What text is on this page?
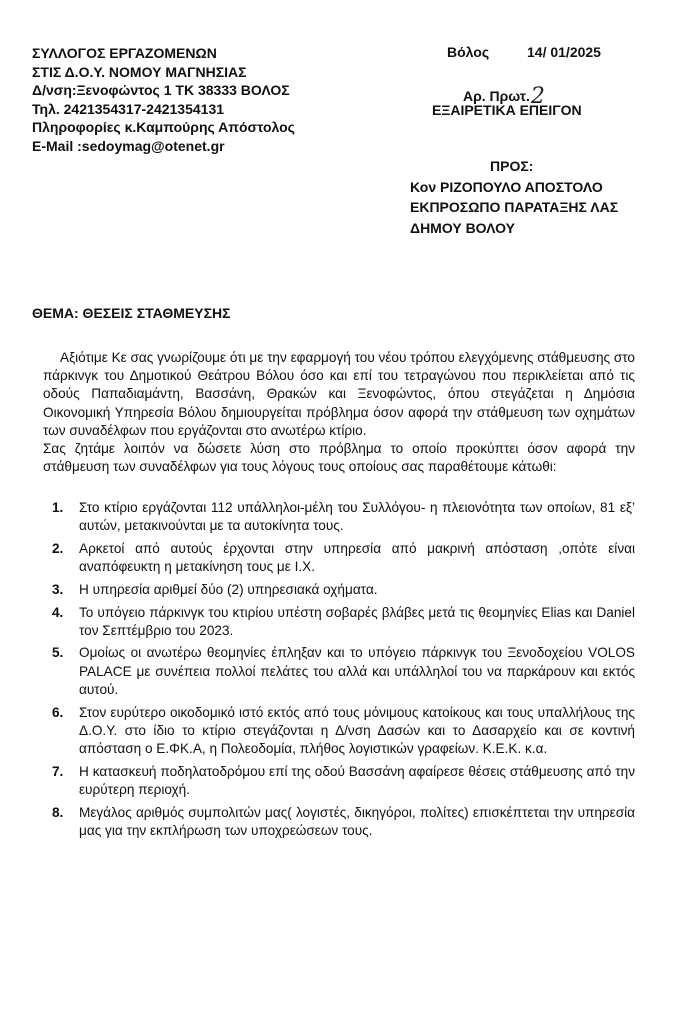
ΣΥΛΛΟΓΟΣ ΕΡΓΑΖΟΜΕΝΩΝ
ΣΤΙΣ Δ.Ο.Υ. ΝΟΜΟΥ ΜΑΓΝΗΣΙΑΣ
Δ/νση:Ξενοφώντος 1 ΤΚ 38333 ΒΟΛΟΣ
Τηλ. 2421354317-2421354131
Πληροφορίες κ.Καμπούρης Απόστολος
E-Mail :sedoymag@otenet.gr
Βόλος	14/ 01/2025
Αρ. Πρωτ.2
ΕΞΑΙΡΕΤΙΚΑ ΕΠΕΙΓΟΝ
ΠΡΟΣ:
Κον ΡΙΖΟΠΟΥΛΟ ΑΠΟΣΤΟΛΟ
ΕΚΠΡΟΣΩΠΟ ΠΑΡΑΤΑΞΗΣ ΛΑΣ
ΔΗΜΟΥ ΒΟΛΟΥ
ΘΕΜΑ: ΘΕΣΕΙΣ ΣΤΑΘΜΕΥΣΗΣ

Αξιότιμε Κε σας γνωρίζουμε ότι με την εφαρμογή του νέου τρόπου ελεγχόμενης στάθμευσης στο πάρκινγκ του Δημοτικού Θεάτρου Βόλου όσο και επί του τετραγώνου που περικλείεται από τις οδούς Παπαδιαμάντη, Βασσάνη, Θρακών και Ξενοφώντος, όπου στεγάζεται η Δημόσια Οικονομική Υπηρεσία Βόλου δημιουργείται πρόβλημα όσον αφορά την στάθμευση των οχημάτων των συναδέλφων που εργάζονται στο ανωτέρω κτίριο.

Σας ζητάμε λοιπόν να δώσετε λύση στο πρόβλημα το οποίο προκύπτει όσον αφορά την στάθμευση των συναδέλφων για τους λόγους τους οποίους σας παραθέτουμε κάτωθι:

1. Στο κτίριο εργάζονται 112 υπάλληλοι-μέλη του Συλλόγου- η πλειονότητα των οποίων, 81 εξ’ αυτών, μετακινούνται με τα αυτοκίνητα τους.
2. Αρκετοί από αυτούς έρχονται στην υπηρεσία από μακρινή απόσταση ,οπότε είναι αναπόφευκτη η μετακίνηση τους με Ι.Χ.
3. Η υπηρεσία αριθμεί δύο (2) υπηρεσιακά οχήματα.
4. Το υπόγειο πάρκινγκ του κτιρίου υπέστη σοβαρές βλάβες μετά τις θεομηνίες Elias και Daniel τον Σεπτέμβριο του 2023.
5. Ομοίως οι ανωτέρω θεομηνίες έπληξαν και το υπόγειο πάρκινγκ του Ξενοδοχείου VOLOS PALACE με συνέπεια πολλοί πελάτες του αλλά και υπάλληλοί του να παρκάρουν και εκτός αυτού.
6. Στον ευρύτερο οικοδομικό ιστό εκτός από τους μόνιμους κατοίκους και τους υπαλλήλους της Δ.Ο.Υ. στο ίδιο το κτίριο στεγάζονται η Δ/νση Δασών και το Δασαρχείο και σε κοντινή απόσταση ο Ε.ΦΚ.Α, η Πολεοδομία, πλήθος λογιστικών γραφείων. Κ.Ε.Κ. κ.α.
7. Η κατασκευή ποδηλατοδρόμου επί της οδού Βασσάνη αφαίρεσε θέσεις στάθμευσης από την ευρύτερη περιοχή.
8. Μεγάλος αριθμός συμπολιτών μας( λογιστές, δικηγόροι, πολίτες) επισκέπτεται την υπηρεσία μας για την εκπλήρωση των υποχρεώσεων τους.
